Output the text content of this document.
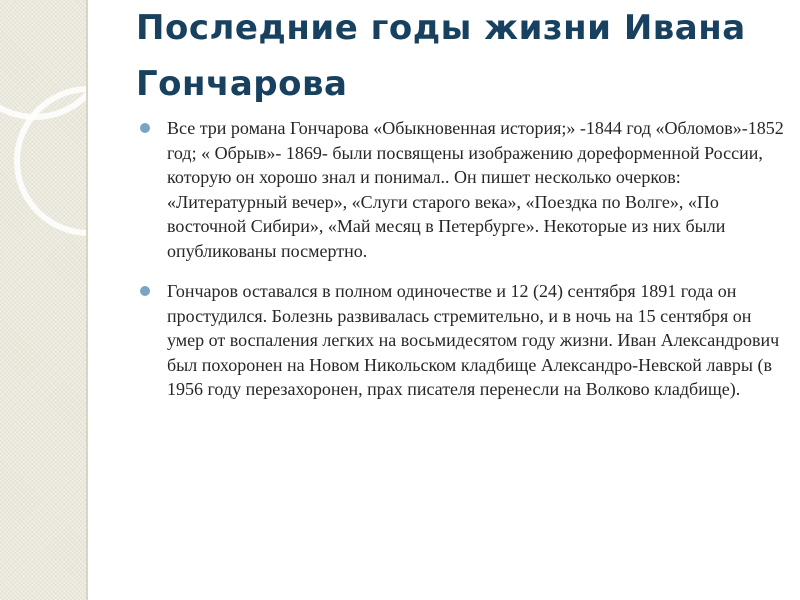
Последние годы жизни Ивана Гончарова
Все три романа Гончарова «Обыкновенная история;» -1844 год «Обломов»-1852 год; « Обрыв»- 1869- были посвящены изображению дореформенной России, которую он хорошо знал и понимал.. Он пишет несколько очерков: «Литературный вечер», «Слуги старого века», «Поездка по Волге», «По восточной Сибири», «Май месяц в Петербурге». Некоторые из них были опубликованы посмертно.
Гончаров оставался в полном одиночестве и 12 (24) сентября 1891 года он простудился. Болезнь развивалась стремительно, и в ночь на 15 сентября он умер от воспаления легких на восьмидесятом году жизни. Иван Александрович был похоронен на Новом Никольском кладбище Александро-Невской лавры (в 1956 году перезахоронен, прах писателя перенесли на Волково кладбище).
